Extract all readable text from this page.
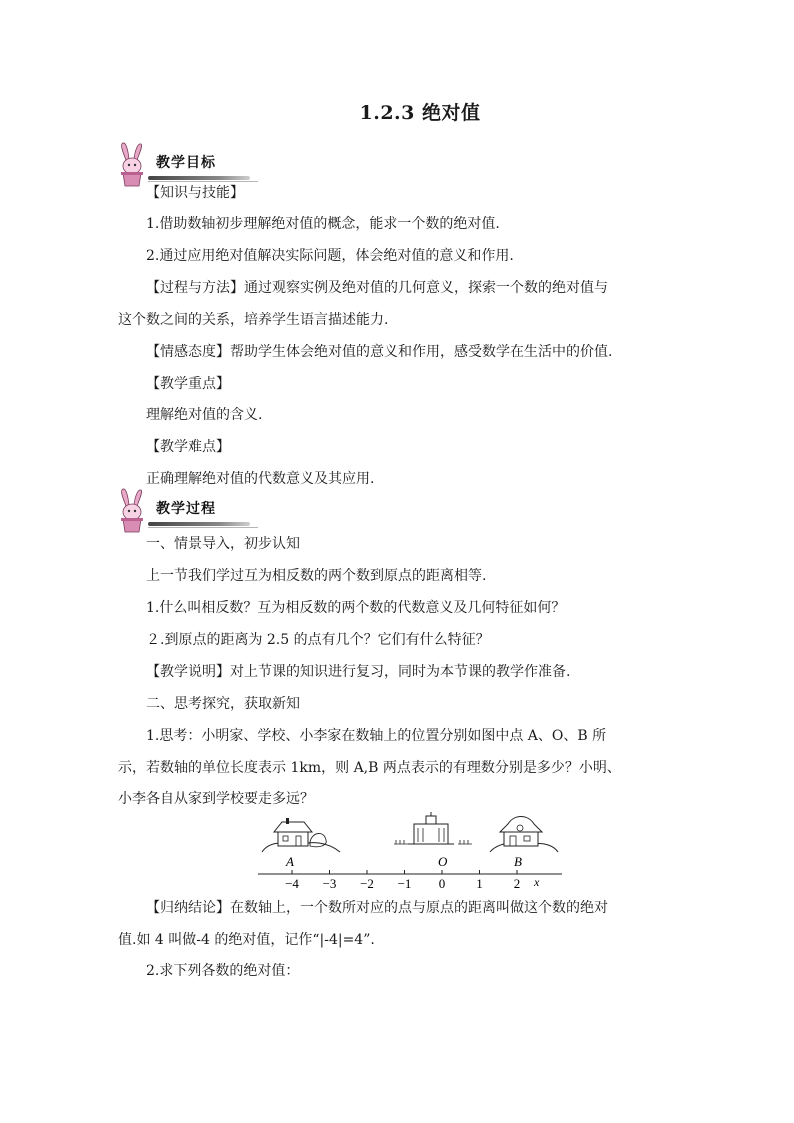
1.2.3 绝对值
教学目标
【知识与技能】
1.借助数轴初步理解绝对值的概念，能求一个数的绝对值.
2.通过应用绝对值解决实际问题，体会绝对值的意义和作用.
【过程与方法】通过观察实例及绝对值的几何意义，探索一个数的绝对值与
这个数之间的关系，培养学生语言描述能力.
【情感态度】帮助学生体会绝对值的意义和作用，感受数学在生活中的价值.
【教学重点】
理解绝对值的含义.
【教学难点】
正确理解绝对值的代数意义及其应用.
教学过程
一、情景导入，初步认知
上一节我们学过互为相反数的两个数到原点的距离相等.
1.什么叫相反数？互为相反数的两个数的代数意义及几何特征如何？
２.到原点的距离为 2.5 的点有几个？它们有什么特征？
【教学说明】对上节课的知识进行复习，同时为本节课的教学作准备.
二、思考探究，获取新知
1.思考：小明家、学校、小李家在数轴上的位置分别如图中点 A、O、B 所
示，若数轴的单位长度表示 1km，则 A,B 两点表示的有理数分别是多少？小明、
小李各自从家到学校要走多远？
A	O	B
−4 −3 −2 −1 0 1 2 x
【归纳结论】在数轴上，一个数所对应的点与原点的距离叫做这个数的绝对
值.如 4 叫做-4 的绝对值，记作“|-4|=4”.
2.求下列各数的绝对值：
